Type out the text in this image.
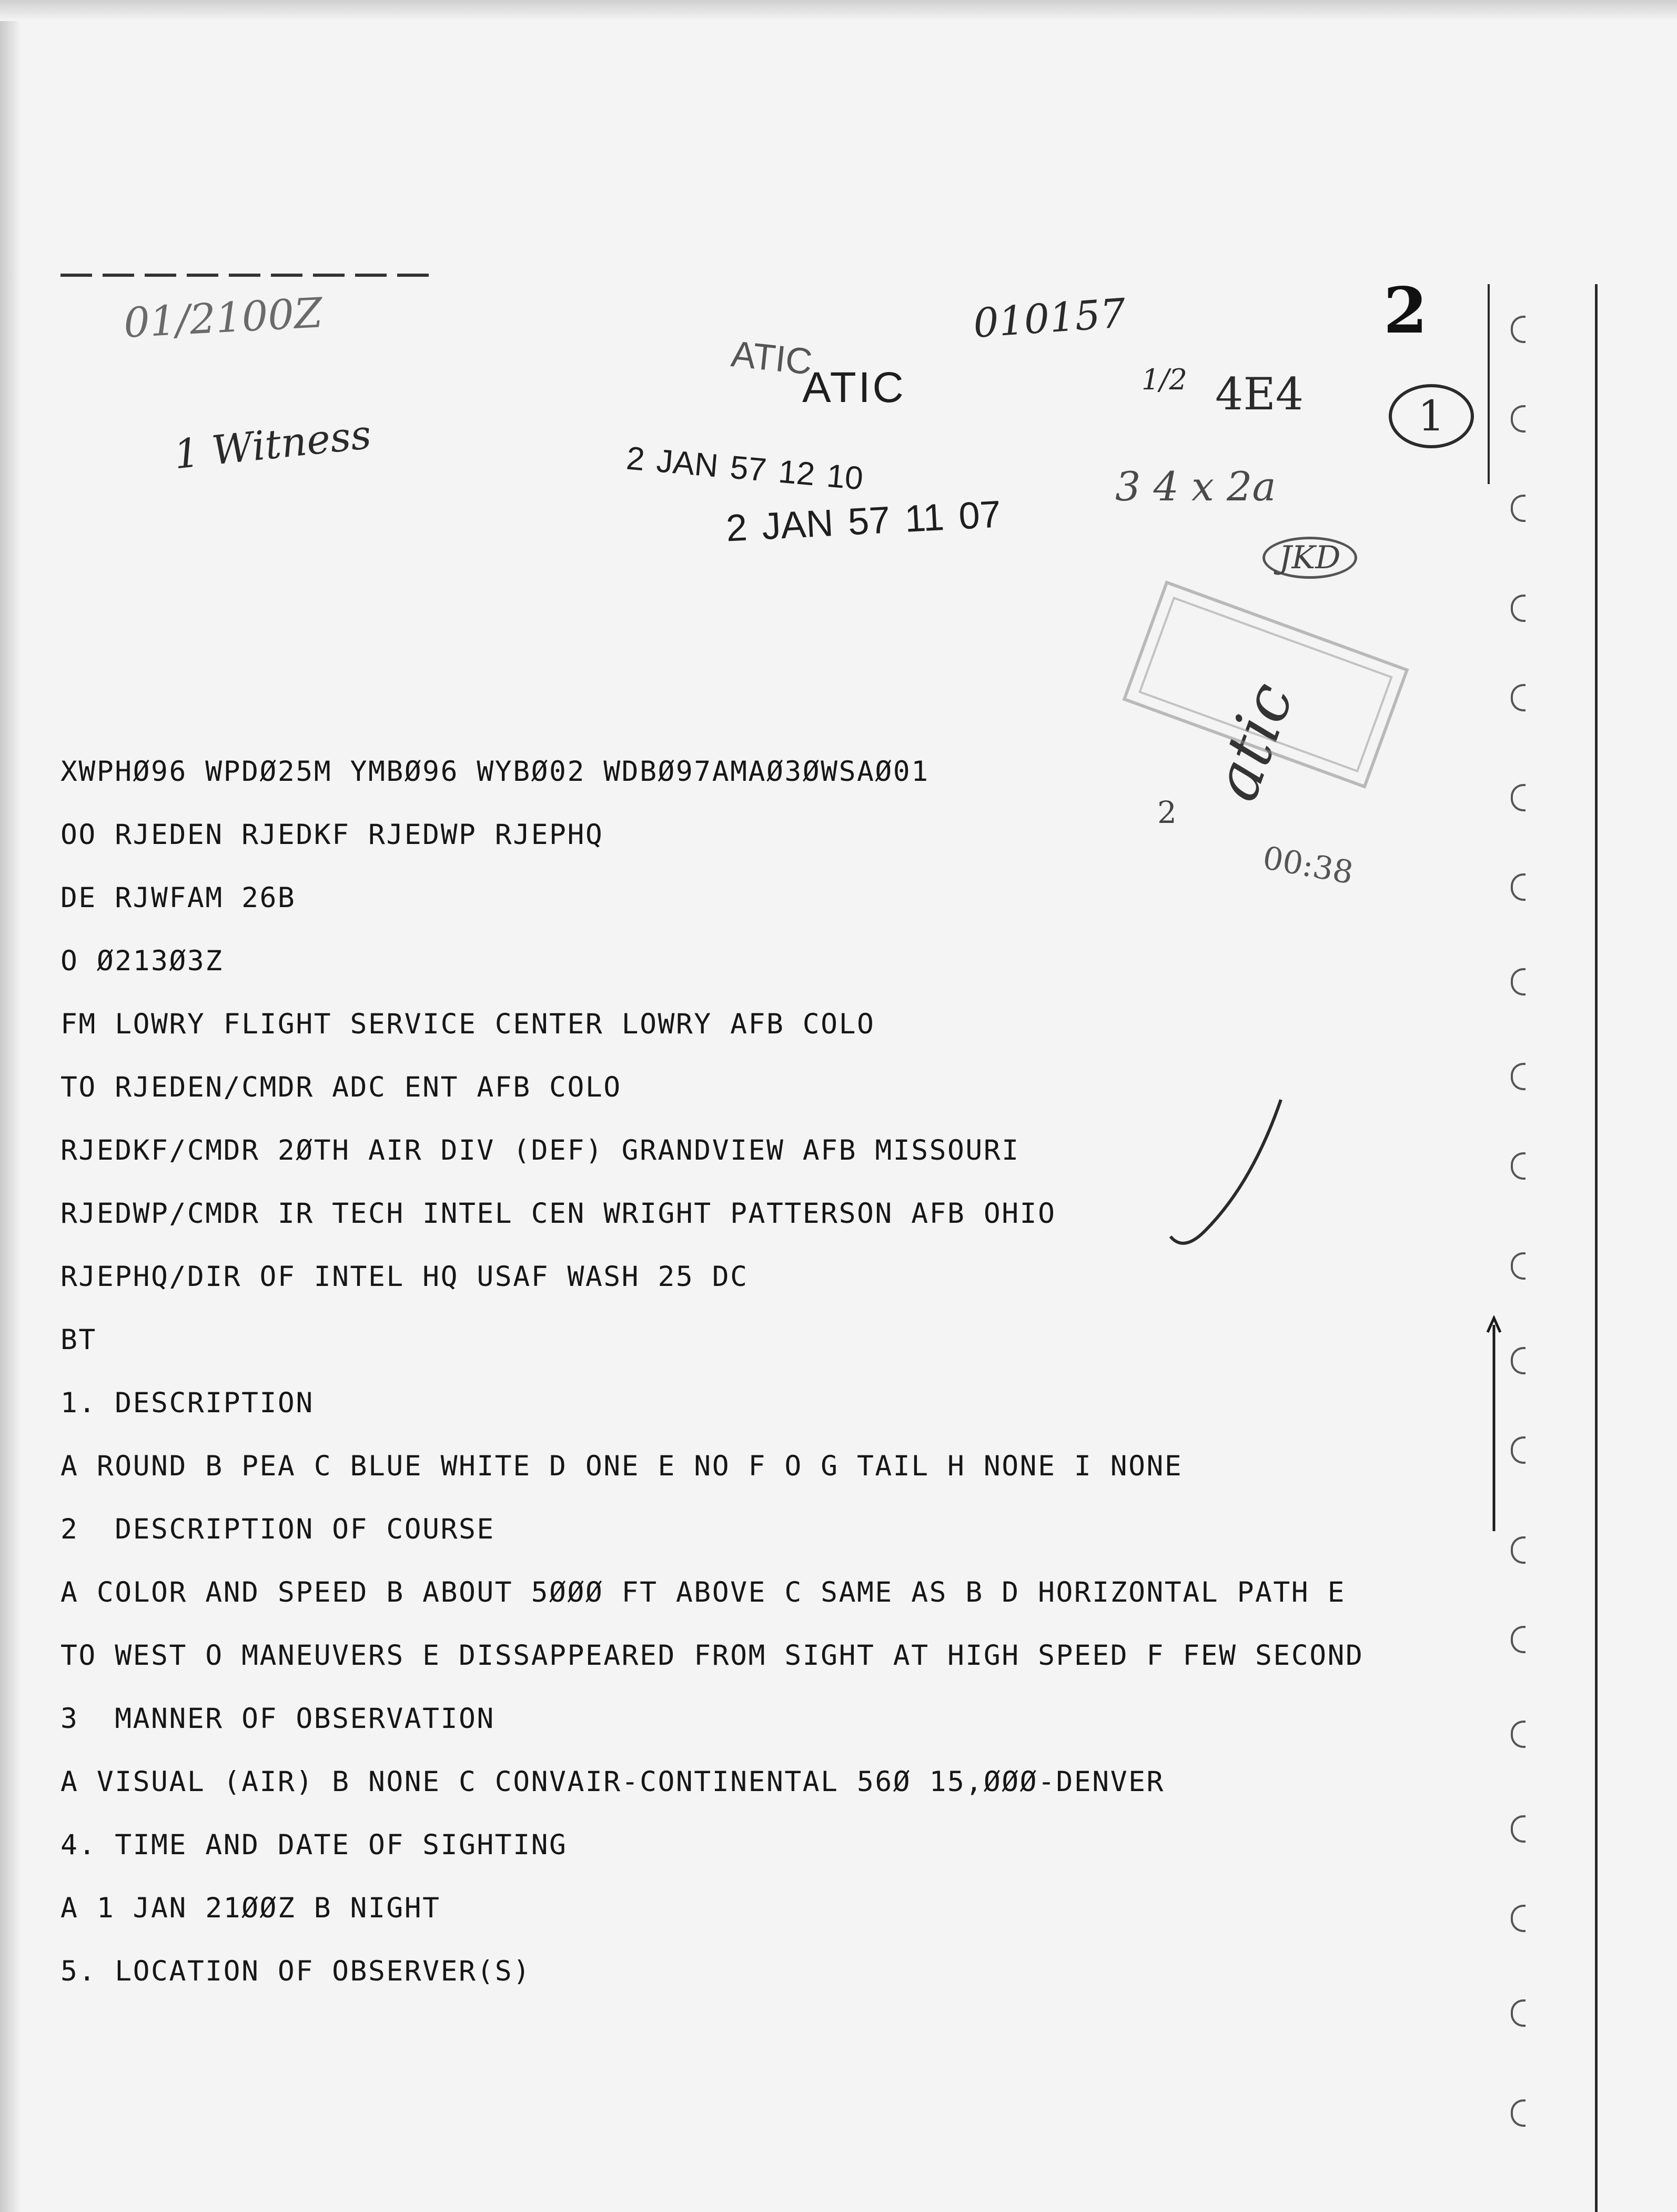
01/2100Z
1 Witness
010157	2
1/2 4E4	1
3 4 x 2a
JKD
atic
2
00:38
ATIC
ATIC
2 JAN 57 12 10
2 JAN 57 11 07

XWPHØ96 WPDØ25M YMBØ96 WYBØ02 WDBØ97AMAØ3ØWSAØ01

OO RJEDEN RJEDKF RJEDWP RJEPHQ

DE RJWFAM 26B

O Ø213Ø3Z

FM LOWRY FLIGHT SERVICE CENTER LOWRY AFB COLO

TO RJEDEN/CMDR ADC ENT AFB COLO

RJEDKF/CMDR 2ØTH AIR DIV (DEF) GRANDVIEW AFB MISSOURI

RJEDWP/CMDR IR TECH INTEL CEN WRIGHT PATTERSON AFB OHIO

RJEPHQ/DIR OF INTEL HQ USAF WASH 25 DC

BT

1. DESCRIPTION

A ROUND B PEA C BLUE WHITE D ONE E NO F O G TAIL H NONE I NONE

2  DESCRIPTION OF COURSE

A COLOR AND SPEED B ABOUT 5ØØØ FT ABOVE C SAME AS B D HORIZONTAL PATH E

TO WEST O MANEUVERS E DISSAPPEARED FROM SIGHT AT HIGH SPEED F FEW SECOND

3  MANNER OF OBSERVATION

A VISUAL (AIR) B NONE C CONVAIR-CONTINENTAL 56Ø 15,ØØØ-DENVER

4. TIME AND DATE OF SIGHTING

A 1 JAN 21ØØZ B NIGHT

5. LOCATION OF OBSERVER(S)
